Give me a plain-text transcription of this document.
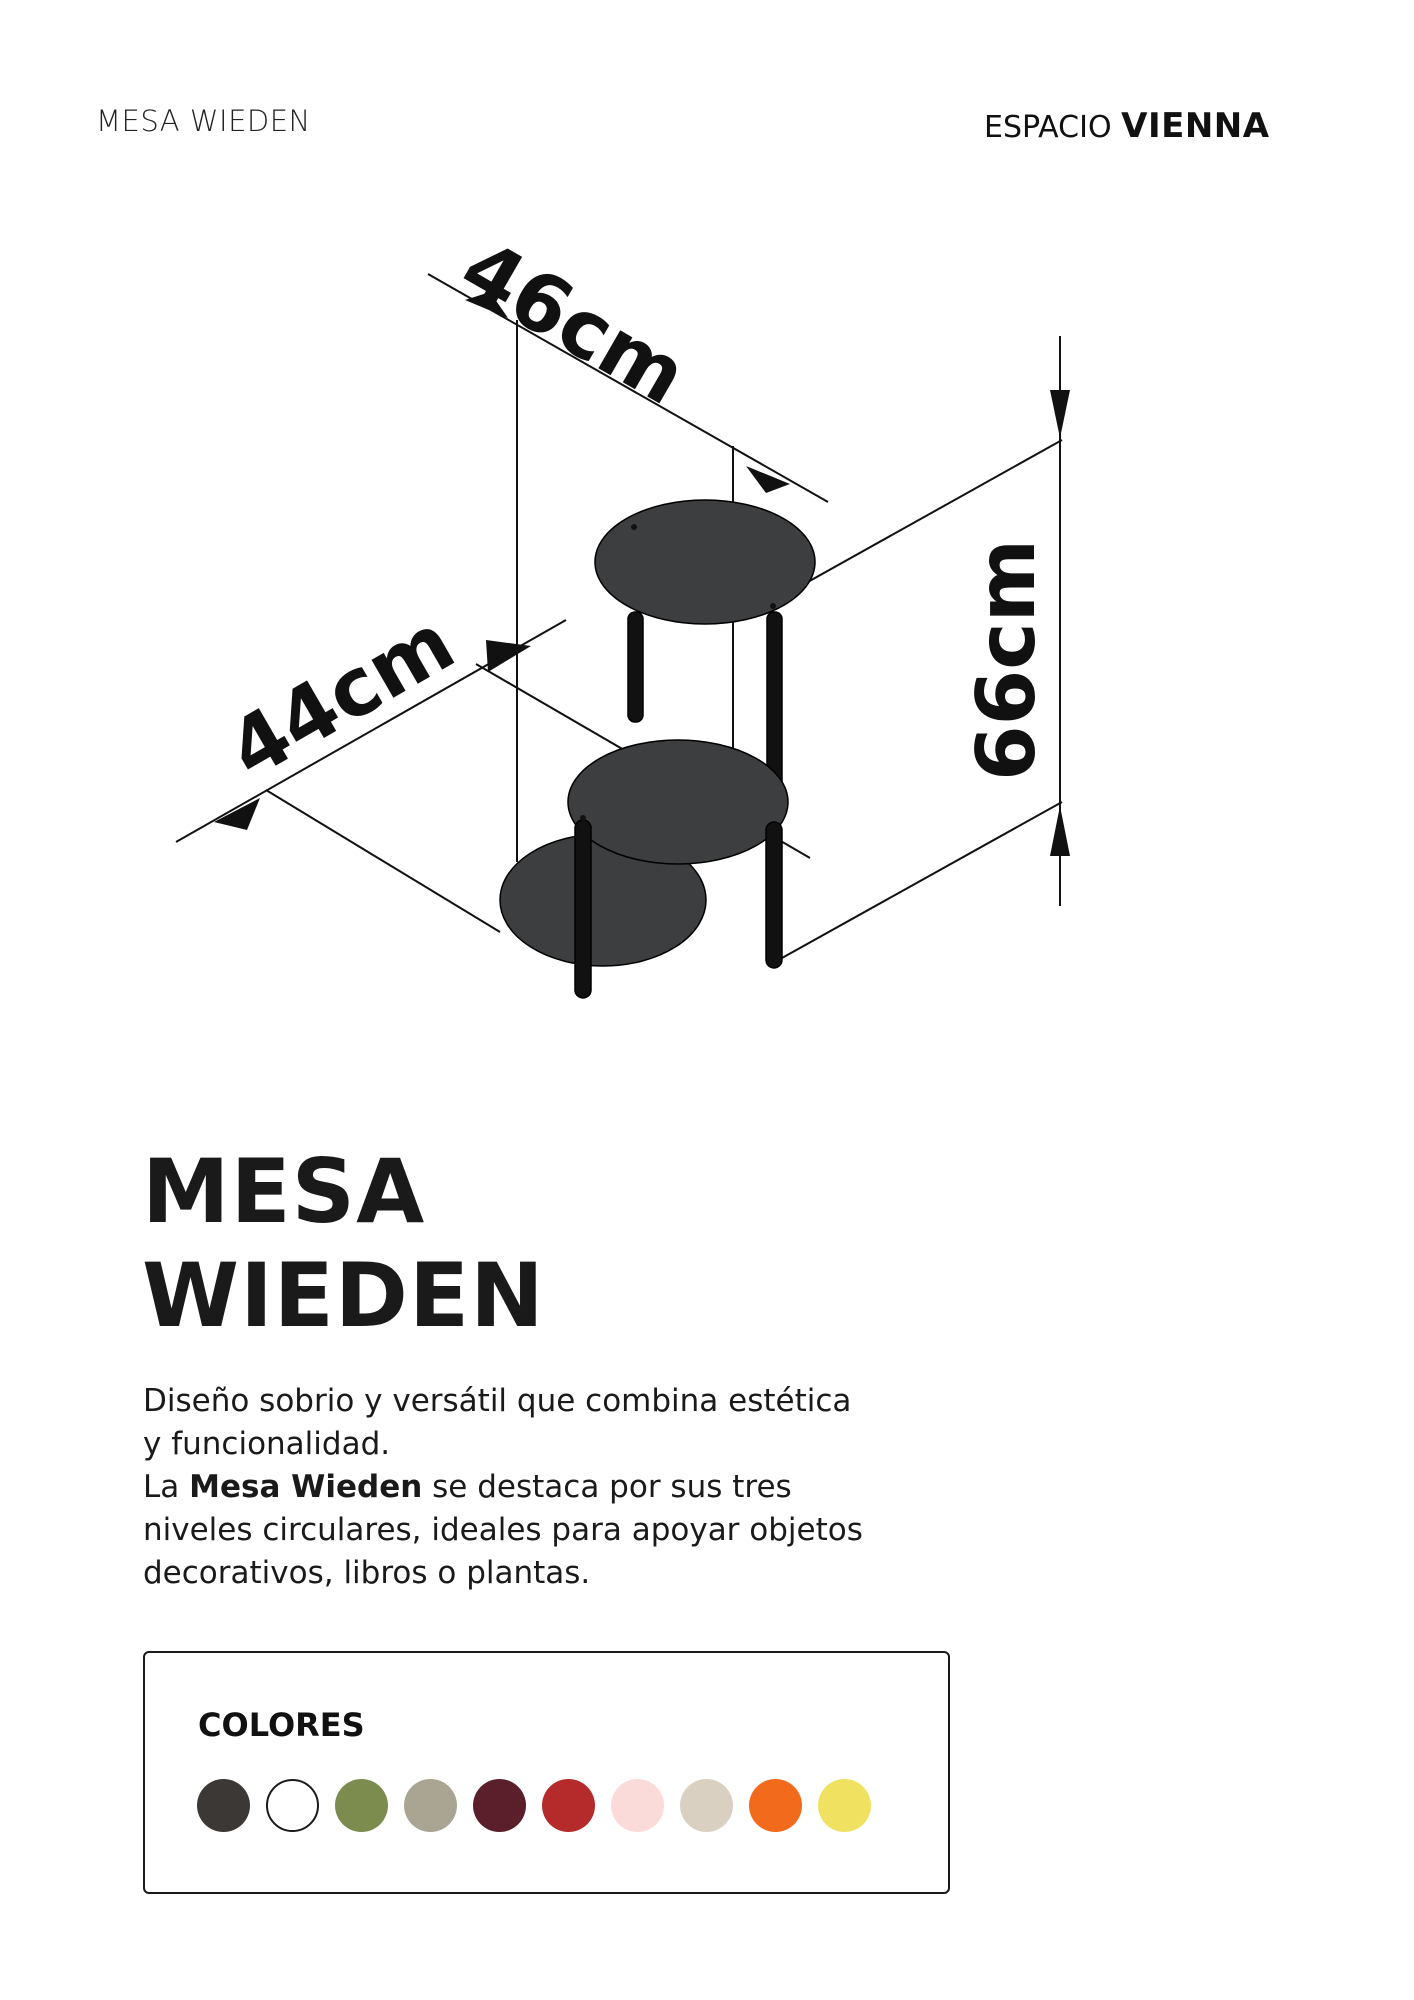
MESA WIEDEN	ESPACIO VIENNA
46cm
44cm	66cm
MESA
WIEDEN

Diseño sobrio y versátil que combina estética y funcionalidad.

La Mesa Wieden se destaca por sus tres niveles circulares, ideales para apoyar objetos decorativos, libros o plantas.

COLORES
